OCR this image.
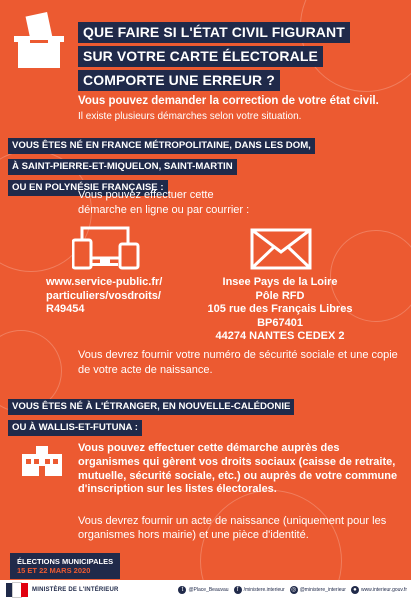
QUE FAIRE SI L'ÉTAT CIVIL FIGURANT
SUR VOTRE CARTE ÉLECTORALE
COMPORTE UNE ERREUR ?
Vous pouvez demander la correction de votre état civil.
Il existe plusieurs démarches selon votre situation.
VOUS ÊTES NÉ EN FRANCE MÉTROPOLITAINE, DANS LES DOM,
À SAINT-PIERRE-ET-MIQUELON, SAINT-MARTIN
OU EN POLYNÉSIE FRANÇAISE :
Vous pouvez effectuer cette démarche en ligne ou par courrier :
www.service-public.fr/
particuliers/vosdroits/
R49454
Insee Pays de la Loire
Pôle RFD
105 rue des Français Libres
BP67401
44274 NANTES CEDEX 2
Vous devrez fournir votre numéro de sécurité sociale et une copie de votre acte de naissance.
VOUS ÊTES NÉ À L'ÉTRANGER, EN NOUVELLE-CALÉDONIE
OU À WALLIS-ET-FUTUNA :
Vous pouvez effectuer cette démarche auprès des organismes qui gèrent vos droits sociaux (caisse de retraite, mutuelle, sécurité sociale, etc.) ou auprès de votre commune d'inscription sur les listes électorales.
Vous devrez fournir un acte de naissance (uniquement pour les organismes hors mairie) et une pièce d'identité.
ÉLECTIONS MUNICIPALES
15 ET 22 MARS 2020
MINISTÈRE DE L'INTÉRIEUR	t	@Place_Beauvau	f	/ministere.interieur ◎ @ministere_interieur	● www.interieur.gouv.fr
